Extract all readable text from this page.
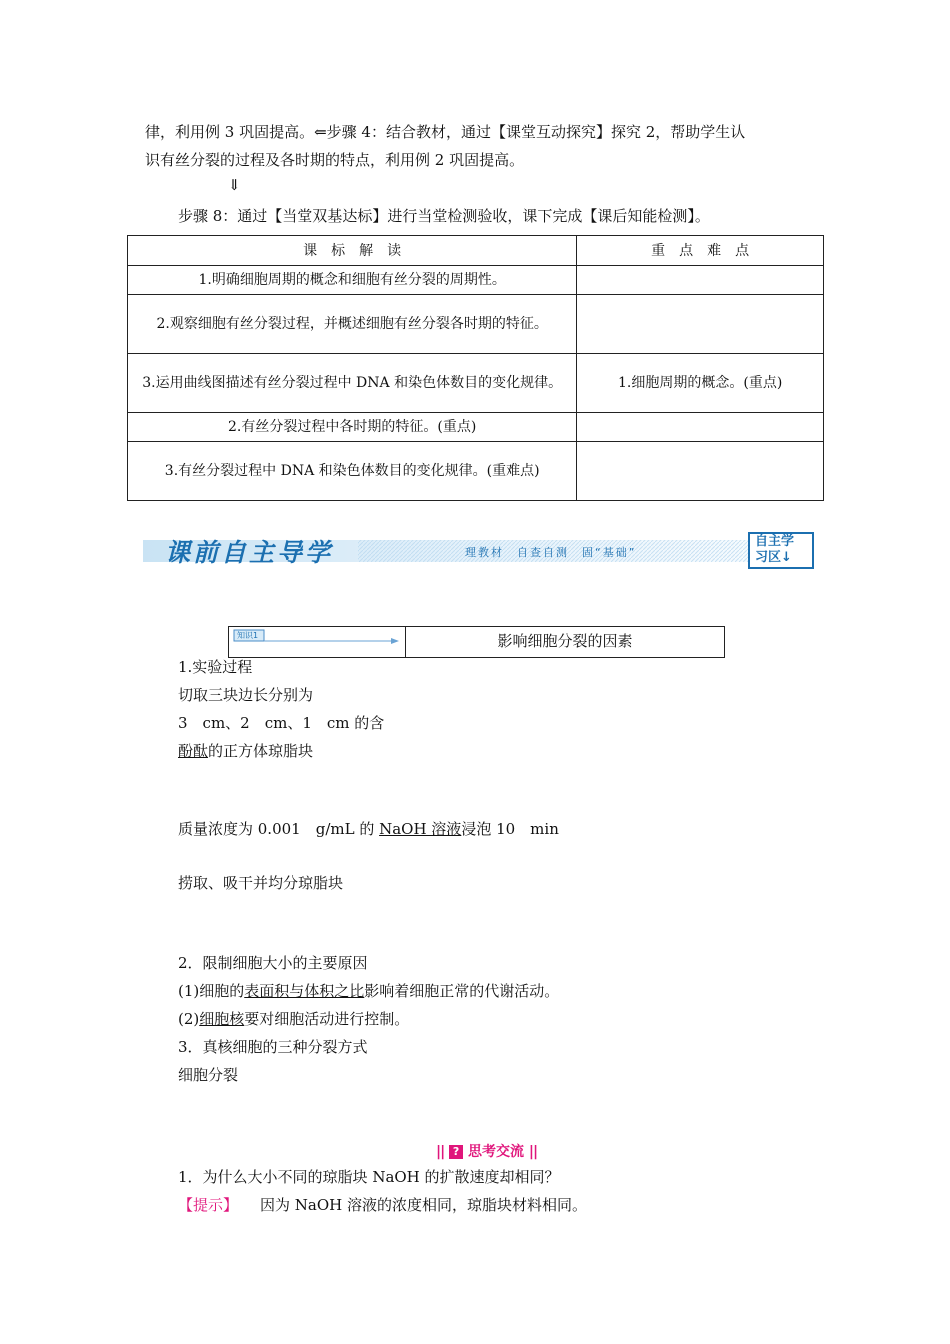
律，利用例 3 巩固提高。⇐步骤 4：结合教材，通过【课堂互动探究】探究 2，帮助学生认
识有丝分裂的过程及各时期的特点，利用例 2 巩固提高。
⇓
步骤 8：通过【当堂双基达标】进行当堂检测验收，课下完成【课后知能检测】。
课　标　解　读	重　点　难　点
1.明确细胞周期的概念和细胞有丝分裂的周期性。	
2.观察细胞有丝分裂过程，并概述细胞有丝分裂各时期的特征。	
3.运用曲线图描述有丝分裂过程中 DNA 和染色体数目的变化规律。	1.细胞周期的概念。(重点)
2.有丝分裂过程中各时期的特征。(重点)	
3.有丝分裂过程中 DNA 和染色体数目的变化规律。(重难点)	
课前自主导学	理教材　自查自测　固“基础”
自主学
习区↓
知识1	影响细胞分裂的因素
1.实验过程
切取三块边长分别为
3　cm、2　cm、1　cm 的含
酚酞的正方体琼脂块
质量浓度为 0.001　g/mL 的 NaOH 溶液浸泡 10　min
捞取、吸干并均分琼脂块
2．限制细胞大小的主要原因
(1)细胞的表面积与体积之比影响着细胞正常的代谢活动。
(2)细胞核要对细胞活动进行控制。
3．真核细胞的三种分裂方式
细胞分裂
|| ? 思考交流 ||
1．为什么大小不同的琼脂块 NaOH 的扩散速度却相同？
【提示】 因为 NaOH 溶液的浓度相同，琼脂块材料相同。
